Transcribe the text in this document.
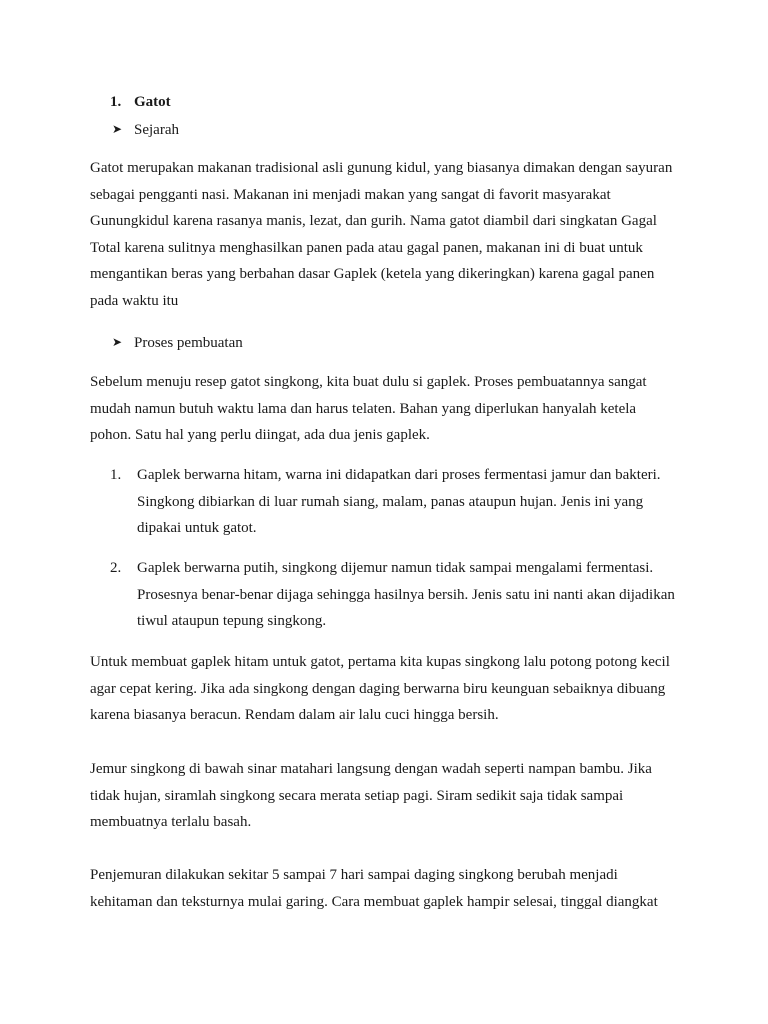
1. Gatot
➤ Sejarah
Gatot merupakan makanan tradisional asli gunung kidul, yang biasanya dimakan dengan sayuran
sebagai pengganti nasi. Makanan ini menjadi makan yang sangat di favorit masyarakat
Gunungkidul karena rasanya manis, lezat, dan gurih. Nama gatot diambil dari singkatan Gagal
Total karena sulitnya menghasilkan panen pada atau gagal panen, makanan ini di buat untuk
mengantikan beras yang berbahan dasar Gaplek (ketela yang dikeringkan) karena gagal panen
pada waktu itu
➤ Proses pembuatan
Sebelum menuju resep gatot singkong, kita buat dulu si gaplek. Proses pembuatannya sangat
mudah namun butuh waktu lama dan harus telaten. Bahan yang diperlukan hanyalah ketela
pohon. Satu hal yang perlu diingat, ada dua jenis gaplek.
1.	Gaplek berwarna hitam, warna ini didapatkan dari proses fermentasi jamur dan bakteri.
Singkong dibiarkan di luar rumah siang, malam, panas ataupun hujan. Jenis ini yang
dipakai untuk gatot.
2.	Gaplek berwarna putih, singkong dijemur namun tidak sampai mengalami fermentasi.
Prosesnya benar-benar dijaga sehingga hasilnya bersih. Jenis satu ini nanti akan dijadikan
tiwul ataupun tepung singkong.
Untuk membuat gaplek hitam untuk gatot, pertama kita kupas singkong lalu potong potong kecil
agar cepat kering. Jika ada singkong dengan daging berwarna biru keunguan sebaiknya dibuang
karena biasanya beracun. Rendam dalam air lalu cuci hingga bersih.
Jemur singkong di bawah sinar matahari langsung dengan wadah seperti nampan bambu. Jika
tidak hujan, siramlah singkong secara merata setiap pagi. Siram sedikit saja tidak sampai
membuatnya terlalu basah.
Penjemuran dilakukan sekitar 5 sampai 7 hari sampai daging singkong berubah menjadi
kehitaman dan teksturnya mulai garing. Cara membuat gaplek hampir selesai, tinggal diangkat
